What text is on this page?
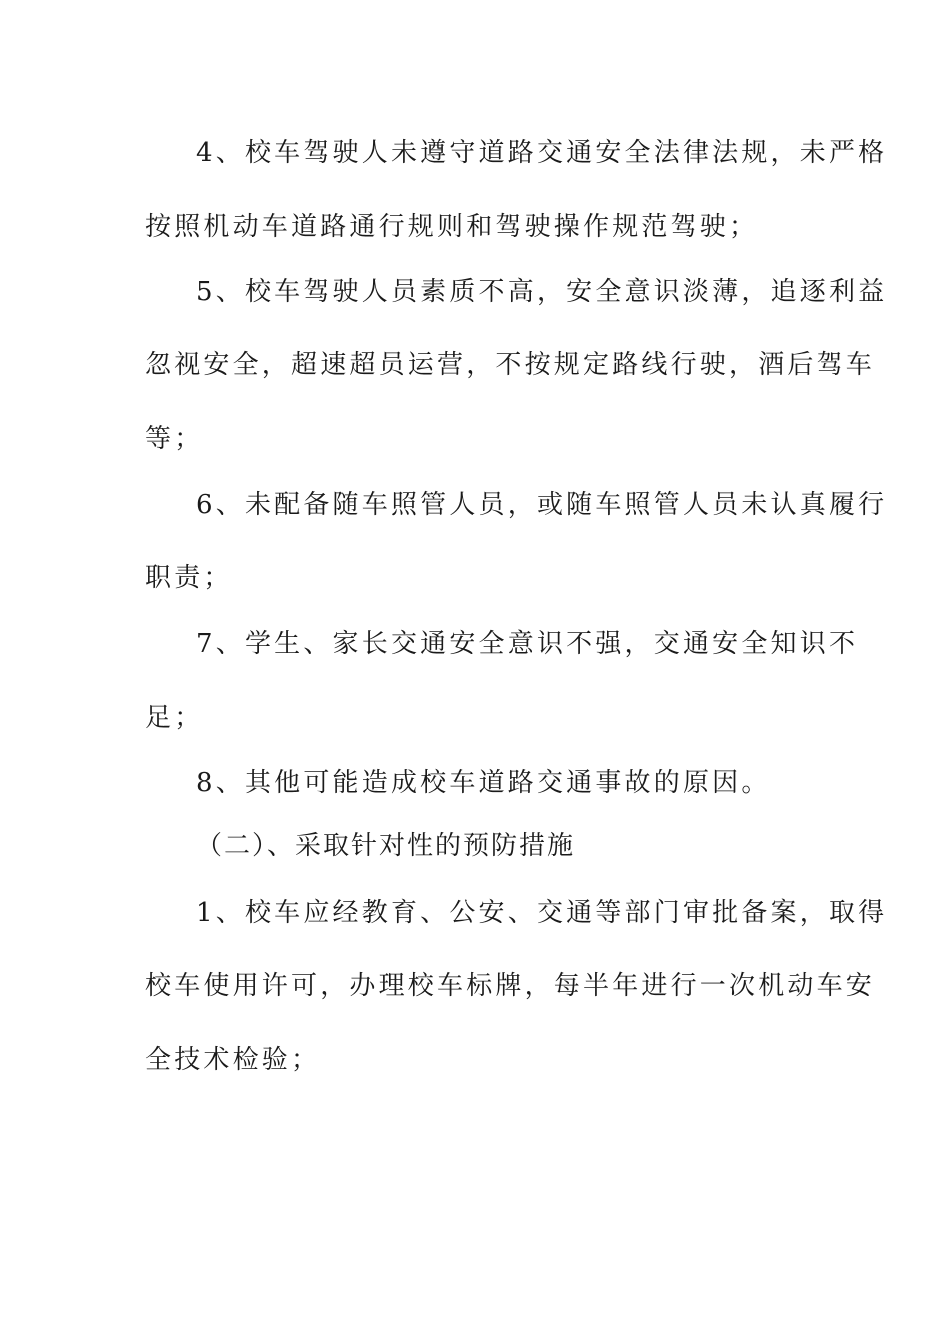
4、校车驾驶人未遵守道路交通安全法律法规，未严格
按照机动车道路通行规则和驾驶操作规范驾驶；
5、校车驾驶人员素质不高，安全意识淡薄，追逐利益
忽视安全，超速超员运营，不按规定路线行驶，酒后驾车
等；
6、未配备随车照管人员，或随车照管人员未认真履行
职责；
7、学生、家长交通安全意识不强，交通安全知识不
足；
8、其他可能造成校车道路交通事故的原因。
（二）、采取针对性的预防措施
1、校车应经教育、公安、交通等部门审批备案，取得
校车使用许可，办理校车标牌，每半年进行一次机动车安
全技术检验；
